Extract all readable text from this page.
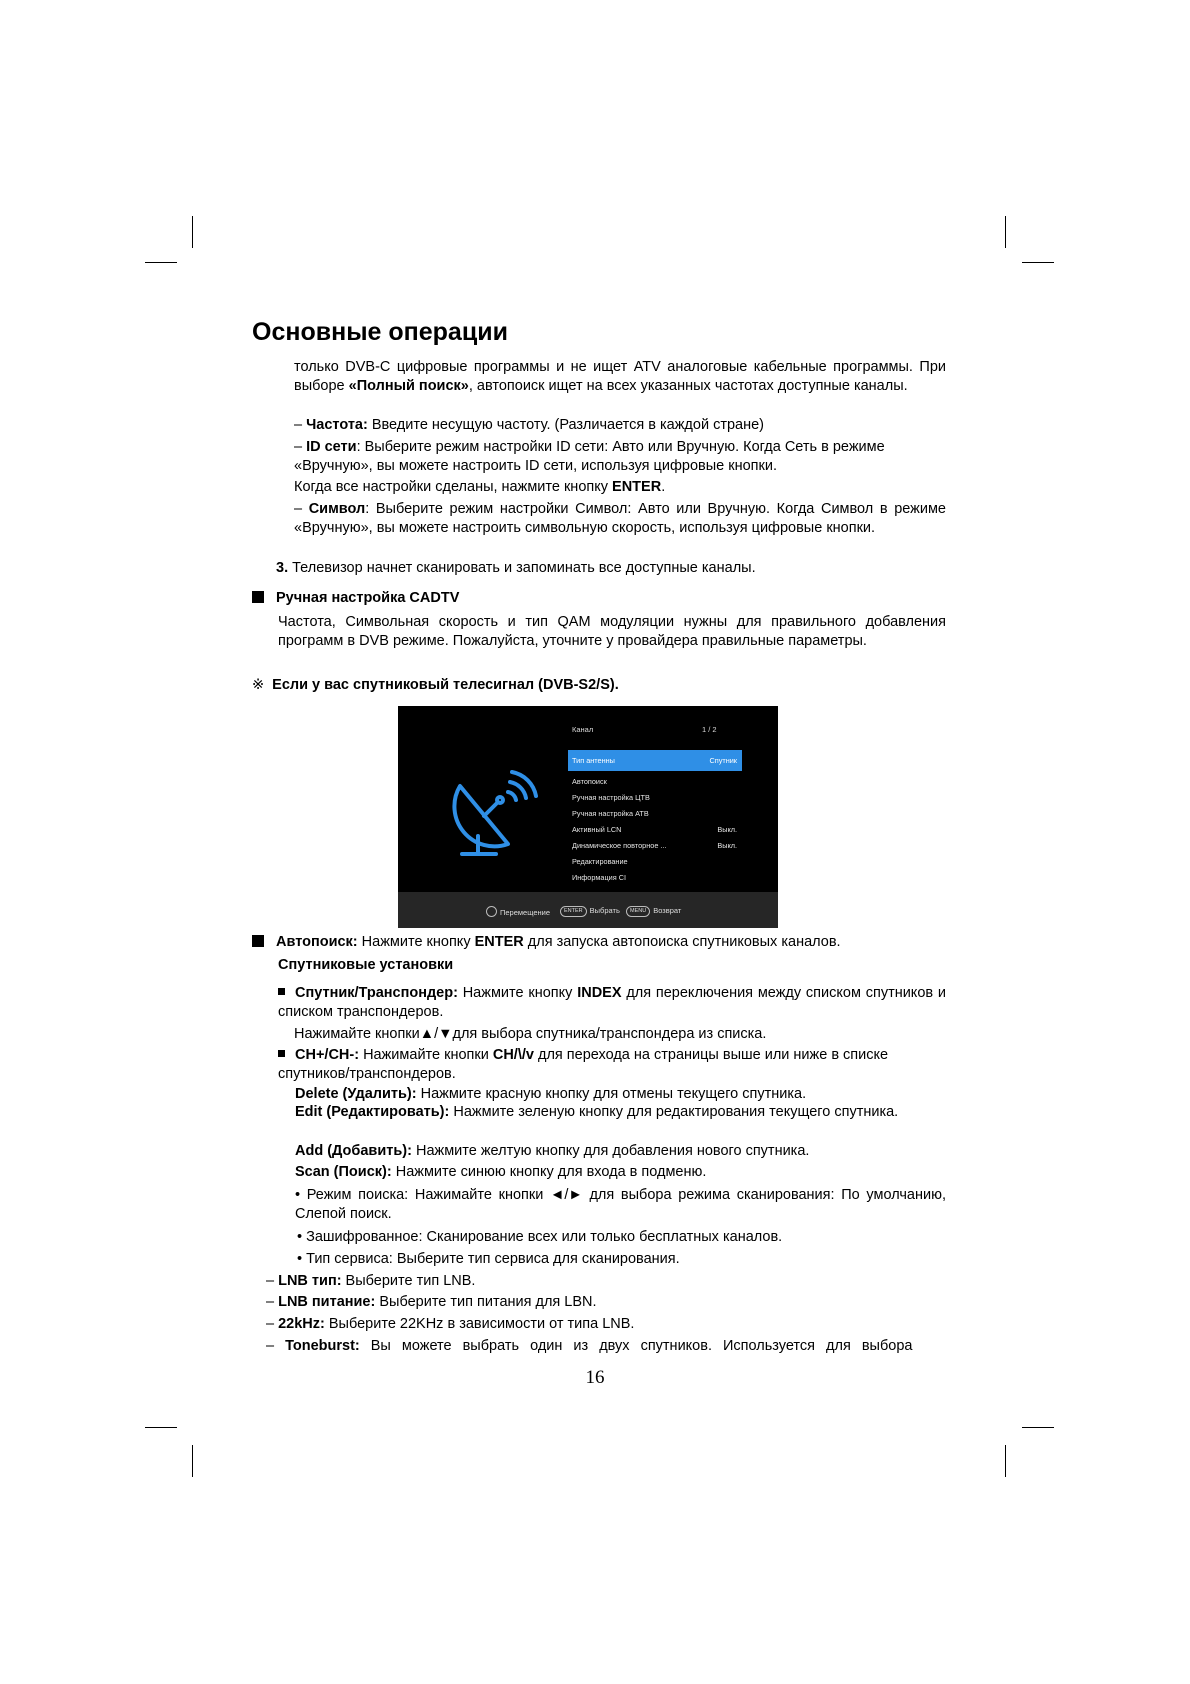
Основные операции

только DVB-C цифровые программы и не ищет ATV аналоговые кабельные программы. При выборе «Полный поиск», автопоиск ищет на всех указанных частотах доступные каналы.

– Частота: Введите несущую частоту. (Различается в каждой стране)

– ID сети: Выберите режим настройки ID сети: Авто или Вручную. Когда Сеть в режиме «Вручную», вы можете настроить ID сети, используя цифровые кнопки.

Когда все настройки сделаны, нажмите кнопку ENTER.

– Символ: Выберите режим настройки Символ: Авто или Вручную. Когда Символ в режиме «Вручную», вы можете настроить символьную скорость, используя цифровые кнопки.

3. Телевизор начнет сканировать и запоминать все доступные каналы.

Ручная настройка CADTV

Частота, Символьная скорость и тип QAM модуляции нужны для правильного добавления программ в DVB режиме. Пожалуйста, уточните у провайдера правильные параметры.

※ Если у вас спутниковый телесигнал (DVB-S2/S).

Канал	1 / 2
Тип антенны	Спутник
Автопоиск
Ручная настройка ЦТВ
Ручная настройка АТВ
Активный LCN	Выкл.
Динамическое повторное ...	Выкл.
Редактирование
Информация CI
Перемещение	ENTER Выбрать	MENU Возврат

Автопоиск: Нажмите кнопку ENTER для запуска автопоиска спутниковых каналов.

Спутниковые установки

Спутник/Транспондер: Нажмите кнопку INDEX для переключения между списком спутников и списком транспондеров.

Нажимайте кнопки▲/▼для выбора спутника/транспондера из списка.

CH+/CH-: Нажимайте кнопки CH/\/v для перехода на страницы выше или ниже в списке спутников/транспондеров.

Delete (Удалить): Нажмите красную кнопку для отмены текущего спутника.

Edit (Редактировать): Нажмите зеленую кнопку для редактирования текущего спутника.

Add (Добавить): Нажмите желтую кнопку для добавления нового спутника.

Scan (Поиск): Нажмите синюю кнопку для входа в подменю.

• Режим поиска: Нажимайте кнопки ◄/► для выбора режима сканирования: По умолчанию, Слепой поиск.

• Зашифрованное: Сканирование всех или только бесплатных каналов.

• Тип сервиса: Выберите тип сервиса для сканирования.

– LNB тип: Выберите тип LNB.

– LNB питание: Выберите тип питания для LBN.

– 22kHz: Выберите 22KHz в зависимости от типа LNB.

– Toneburst: Вы можете выбрать один из двух спутников. Используется для выбора

16
